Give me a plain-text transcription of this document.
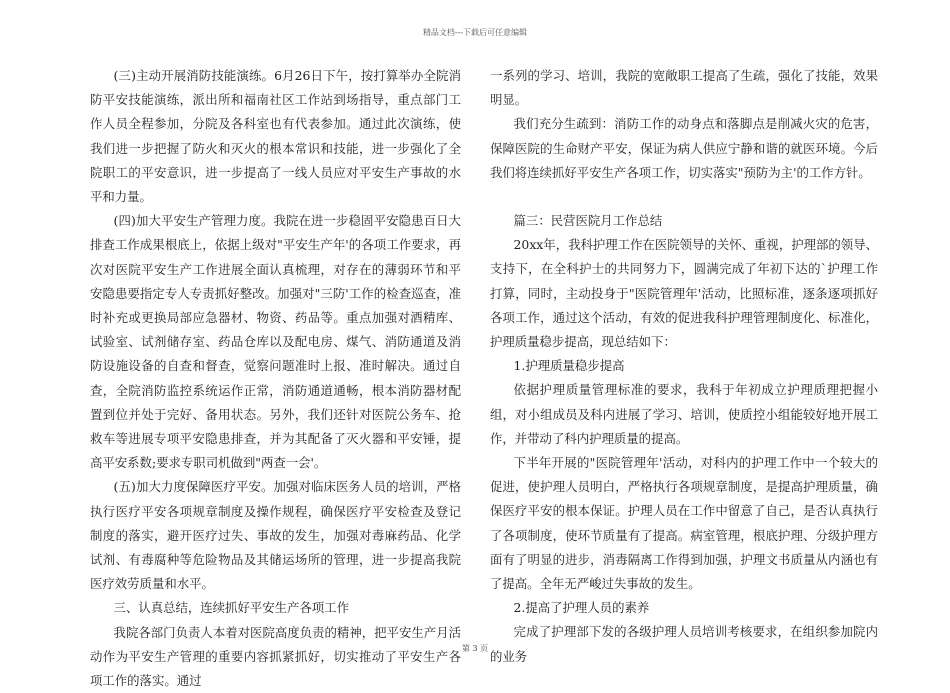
精品文档---下载后可任意编辑

(三)主动开展消防技能演练。6月26日下午，按打算举办全院消防平安技能演练，派出所和福南社区工作站到场指导，重点部门工作人员全程参加，分院及各科室也有代表参加。通过此次演练，使我们进一步把握了防火和灭火的根本常识和技能，进一步强化了全院职工的平安意识，进一步提高了一线人员应对平安生产事故的水平和力量。

(四)加大平安生产管理力度。我院在进一步稳固平安隐患百日大排查工作成果根底上，依据上级对"平安生产年'的各项工作要求，再次对医院平安生产工作进展全面认真梳理，对存在的薄弱环节和平安隐患要指定专人专责抓好整改。加强对"三防'工作的检查巡查，准时补充或更换局部应急器材、物资、药品等。重点加强对酒精库、试验室、试剂储存室、药品仓库以及配电房、煤气、消防通道及消防设施设备的自查和督查，觉察问题准时上报、准时解决。通过自查，全院消防监控系统运作正常，消防通道通畅，根本消防器材配置到位并处于完好、备用状态。另外，我们还针对医院公务车、抢救车等进展专项平安隐患排查，并为其配备了灭火器和平安锤，提高平安系数;要求专职司机做到"两查一会'。

(五)加大力度保障医疗平安。加强对临床医务人员的培训，严格执行医疗平安各项规章制度及操作规程，确保医疗平安检查及登记制度的落实，避开医疗过失、事故的发生，加强对毒麻药品、化学试剂、有毒腐种等危险物品及其储运场所的管理，进一步提高我院医疗效劳质量和水平。

三、认真总结，连续抓好平安生产各项工作

我院各部门负责人本着对医院高度负责的精神，把平安生产月活动作为平安生产管理的重要内容抓紧抓好，切实推动了平安生产各项工作的落实。通过

一系列的学习、培训，我院的宽敞职工提高了生疏，强化了技能，效果明显。

我们充分生疏到：消防工作的动身点和落脚点是削减火灾的危害，保障医院的生命财产平安，保证为病人供应宁静和谐的就医环境。今后我们将连续抓好平安生产各项工作，切实落实"预防为主'的工作方针。

篇三：民营医院月工作总结

20xx年，我科护理工作在医院领导的关怀、重视，护理部的领导、支持下，在全科护士的共同努力下，圆满完成了年初下达的`护理工作打算，同时，主动投身于"医院管理年'活动，比照标准，逐条逐项抓好各项工作，通过这个活动，有效的促进我科护理管理制度化、标准化，护理质量稳步提高，现总结如下：

1.护理质量稳步提高

依据护理质量管理标准的要求，我科于年初成立护理质理把握小组，对小组成员及科内进展了学习、培训，使质控小组能较好地开展工作，并带动了科内护理质量的提高。

下半年开展的"医院管理年'活动，对科内的护理工作中一个较大的促进，使护理人员明白，严格执行各项规章制度，是提高护理质量，确保医疗平安的根本保证。护理人员在工作中留意了自己，是否认真执行了各项制度，使环节质量有了提高。病室管理，根底护理、分级护理方面有了明显的进步，消毒隔离工作得到加强，护理文书质量从内涵也有了提高。全年无严峻过失事故的发生。

2.提高了护理人员的素养

完成了护理部下发的各级护理人员培训考核要求，在组织参加院内的业务

第 3 页
